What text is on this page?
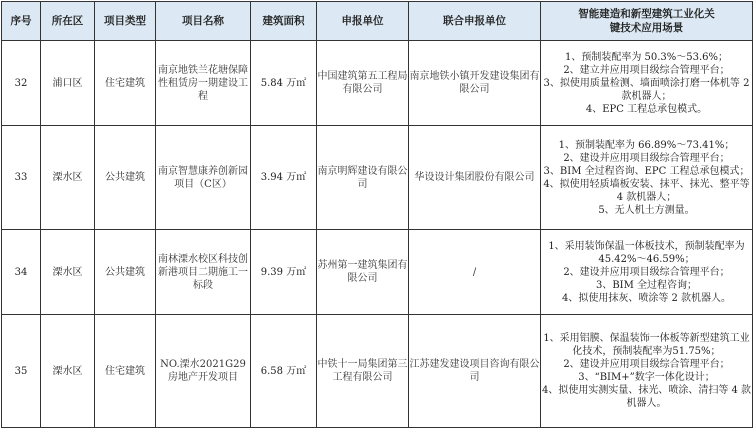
序号	所在区	项目类型	项目名称	建筑面积	申报单位	联合申报单位	智能建造和新型建筑工业化关键技术应用场景
32	浦口区	住宅建筑	南京地铁兰花塘保障性租赁房一期建设工程	5.84 万㎡	中国建筑第五工程局有限公司	南京地铁小镇开发建设集团有限公司	1、预制装配率为 50.3%～53.6%；
2、建立并应用项目级综合管理平台；
3、拟使用质量检测、墙面喷涂打磨一体机等 2 款机器人；
4、EPC 工程总承包模式。

33	溧水区	公共建筑	南京智慧康养创新园项目（C区）	3.94 万㎡	南京明辉建设有限公司	华设设计集团股份有限公司	1、预制装配率为 66.89%～73.41%；
2、建设并应用项目级综合管理平台；
3、BIM 全过程咨询、EPC 工程总承包模式；
4、拟使用轻质墙板安装、抹平、抹光、整平等 4 款机器人；
5、无人机土方测量。

34	溧水区	公共建筑	南林溧水校区科技创新港项目二期施工一标段	9.39 万㎡	苏州第一建筑集团有限公司	/	1、采用装饰保温一体板技术，预制装配率为 45.42%～46.59%；
2、建设并应用项目级综合管理平台；
3、BIM 全过程咨询；
4、拟使用抹灰、喷涂等 2 款机器人。

35	溧水区	住宅建筑	NO.溧水2021G29 房地产开发项目	6.58 万㎡	中铁十一局集团第三工程有限公司	江苏建发建设项目咨询有限公司	1、采用铝膜、保温装饰一体板等新型建筑工业化技术，预制装配率为51.75%；
2、建设并应用项目级综合管理平台；
3、“BIM+”数字一体化设计；
4、拟使用实测实量、抹光、喷涂、清扫等 4 款机器人。
